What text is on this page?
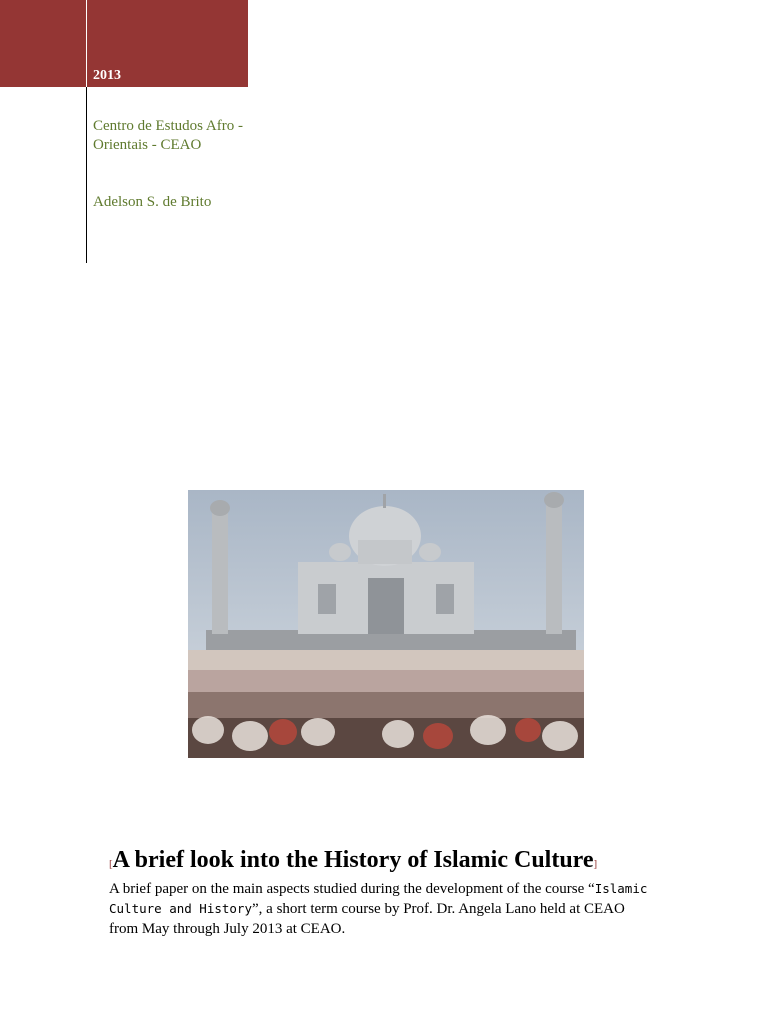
2013
Centro de Estudos Afro -Orientais - CEAO
Adelson S. de Brito
[A brief look into the History of Islamic Culture]
A brief paper on the main aspects studied during the development of the course “Islamic Culture and History”, a short term course by Prof. Dr. Angela Lano held at CEAO from May through July 2013 at CEAO.
